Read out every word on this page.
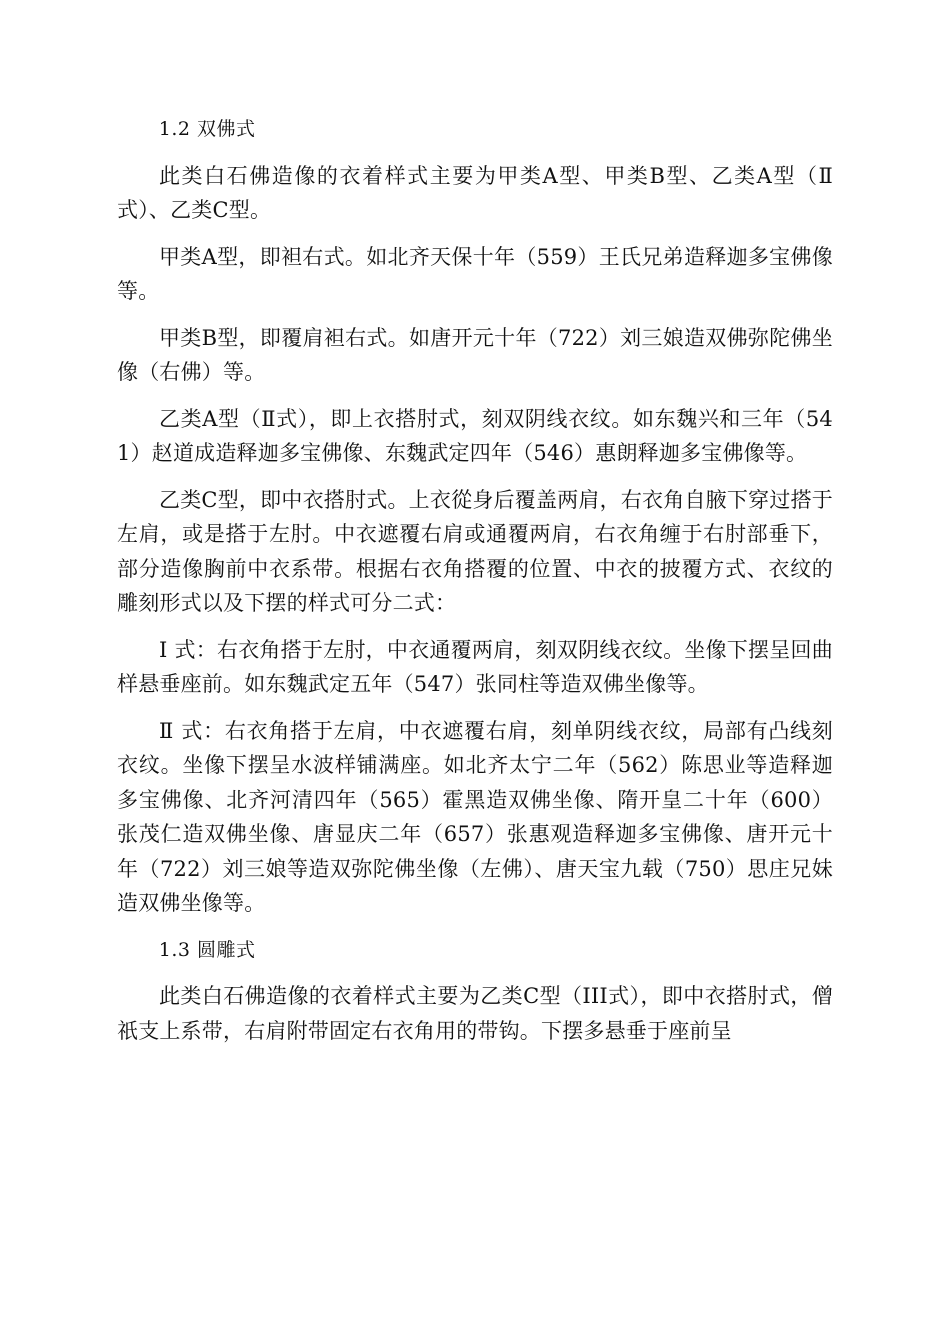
1.2 双佛式

此类白石佛造像的衣着样式主要为甲类A型、甲类B型、乙类A型（Ⅱ式）、乙类C型。

甲类A型，即袒右式。如北齐天保十年（559）王氏兄弟造释迦多宝佛像等。

甲类B型，即覆肩袒右式。如唐开元十年（722）刘三娘造双佛弥陀佛坐像（右佛）等。

乙类A型（Ⅱ式），即上衣搭肘式，刻双阴线衣纹。如东魏兴和三年（541）赵道成造释迦多宝佛像、东魏武定四年（546）惠朗释迦多宝佛像等。

乙类C型，即中衣搭肘式。上衣從身后覆盖两肩，右衣角自腋下穿过搭于左肩，或是搭于左肘。中衣遮覆右肩或通覆两肩，右衣角缠于右肘部垂下，部分造像胸前中衣系带。根据右衣角搭覆的位置、中衣的披覆方式、衣纹的雕刻形式以及下摆的样式可分二式：

Ⅰ 式：右衣角搭于左肘，中衣通覆两肩，刻双阴线衣纹。坐像下摆呈回曲样悬垂座前。如东魏武定五年（547）张同柱等造双佛坐像等。

Ⅱ 式：右衣角搭于左肩，中衣遮覆右肩，刻单阴线衣纹，局部有凸线刻衣纹。坐像下摆呈水波样铺满座。如北齐太宁二年（562）陈思业等造释迦多宝佛像、北齐河清四年（565）霍黑造双佛坐像、隋开皇二十年（600）张茂仁造双佛坐像、唐显庆二年（657）张惠观造释迦多宝佛像、唐开元十年（722）刘三娘等造双弥陀佛坐像（左佛）、唐天宝九载（750）思庄兄妹造双佛坐像等。

1.3 圆雕式

此类白石佛造像的衣着样式主要为乙类C型（III式），即中衣搭肘式，僧祇支上系带，右肩附带固定右衣角用的带钩。下摆多悬垂于座前呈
